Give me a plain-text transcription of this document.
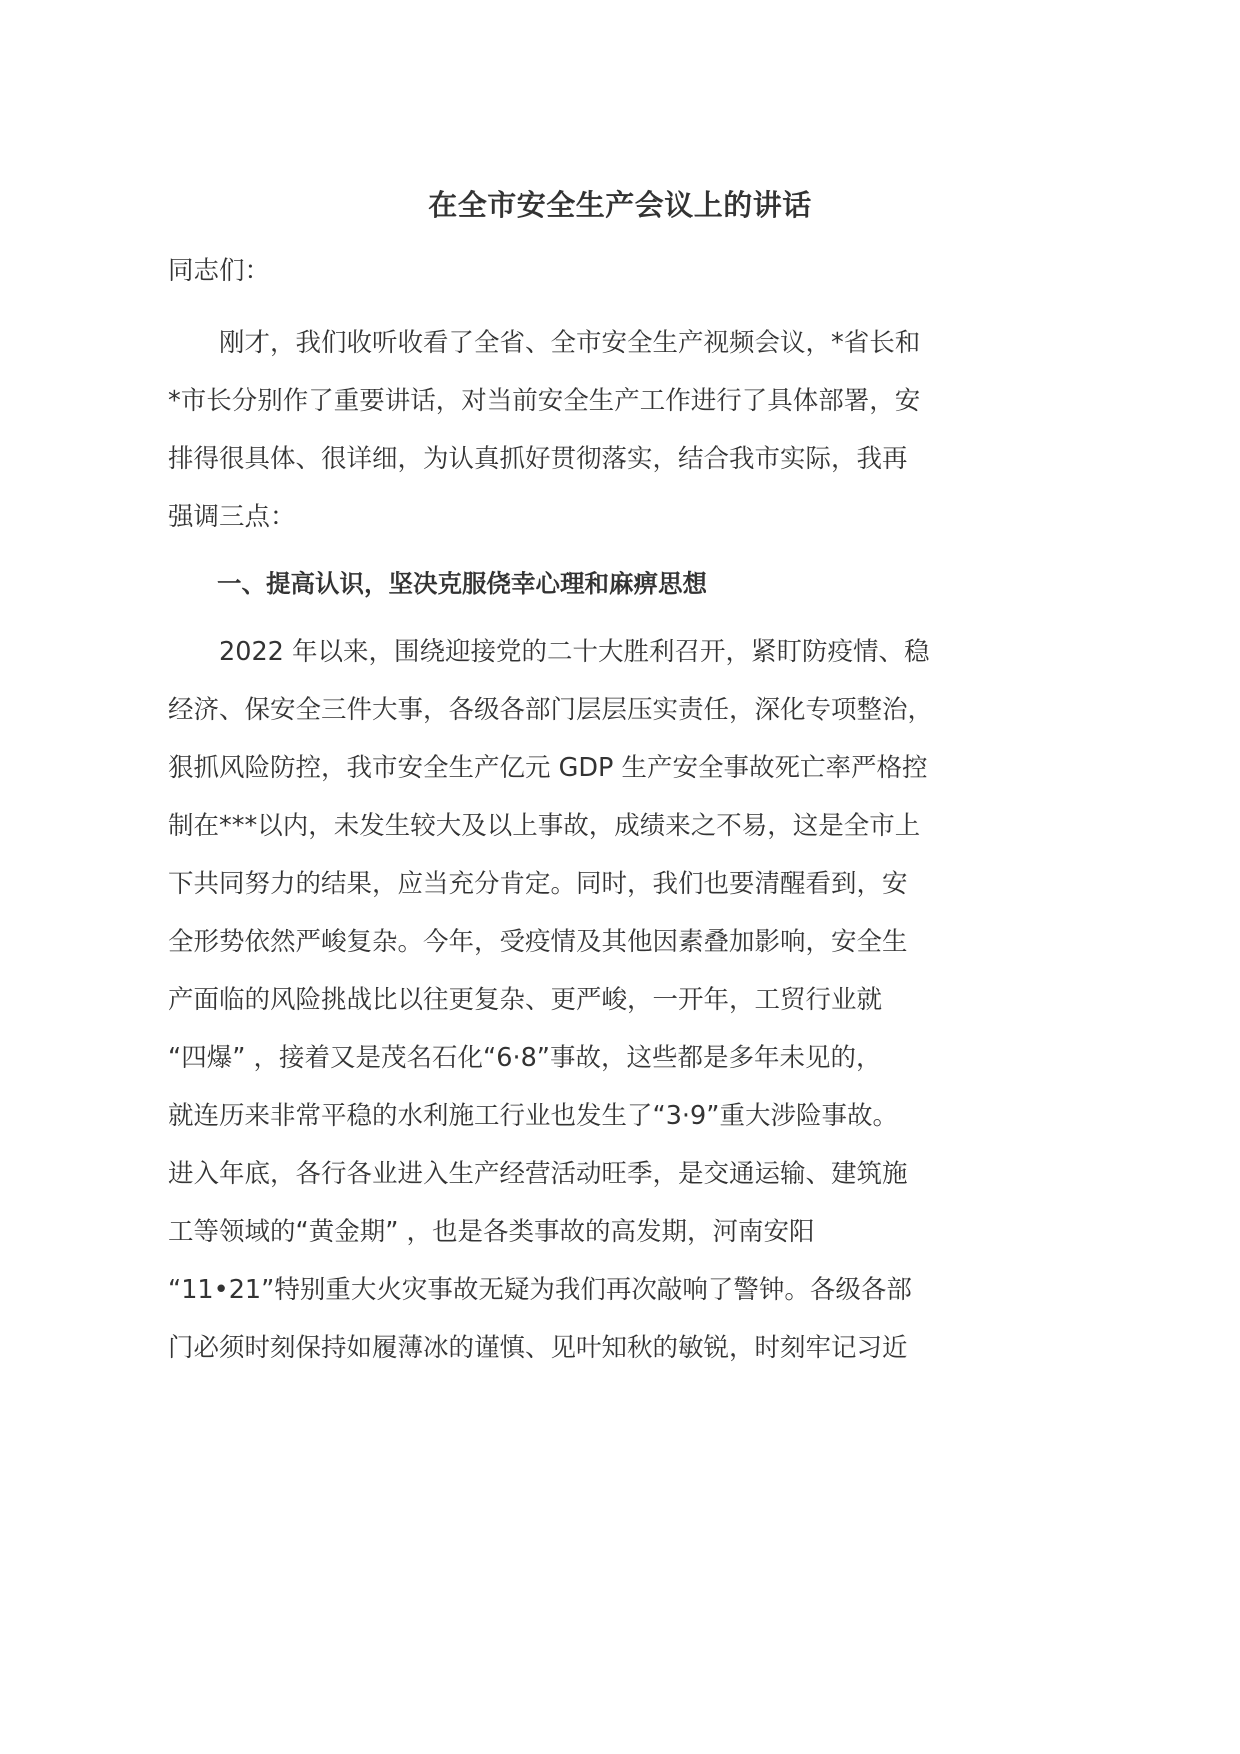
在全市安全生产会议上的讲话
同志们：
　　刚才，我们收听收看了全省、全市安全生产视频会议，*省长和
*市长分别作了重要讲话，对当前安全生产工作进行了具体部署，安
排得很具体、很详细，为认真抓好贯彻落实，结合我市实际，我再
强调三点：
　　一、提高认识，坚决克服侥幸心理和麻痹思想
　　2022 年以来，围绕迎接党的二十大胜利召开，紧盯防疫情、稳
经济、保安全三件大事，各级各部门层层压实责任，深化专项整治，
狠抓风险防控，我市安全生产亿元 GDP 生产安全事故死亡率严格控
制在***以内，未发生较大及以上事故，成绩来之不易，这是全市上
下共同努力的结果，应当充分肯定。同时，我们也要清醒看到，安
全形势依然严峻复杂。今年，受疫情及其他因素叠加影响，安全生
产面临的风险挑战比以往更复杂、更严峻，一开年，工贸行业就
“四爆” ，接着又是茂名石化“6·8”事故，这些都是多年未见的，
就连历来非常平稳的水利施工行业也发生了“3·9”重大涉险事故。
进入年底，各行各业进入生产经营活动旺季，是交通运输、建筑施
工等领域的“黄金期” ，也是各类事故的高发期，河南安阳
“11•21”特别重大火灾事故无疑为我们再次敲响了警钟。各级各部
门必须时刻保持如履薄冰的谨慎、见叶知秋的敏锐，时刻牢记习近
